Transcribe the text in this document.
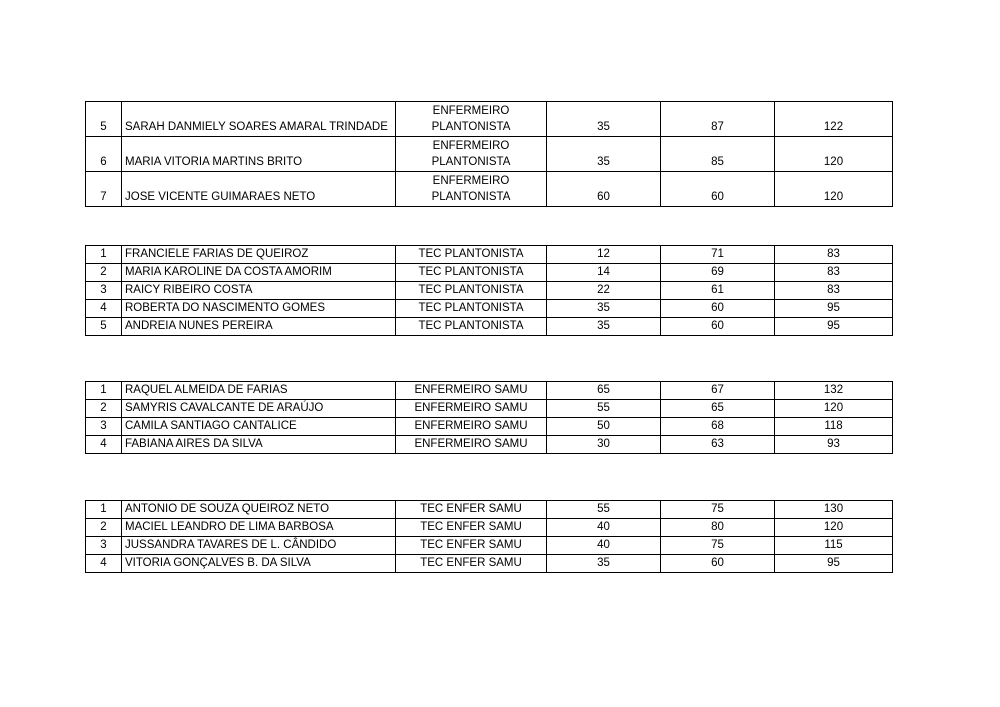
5	SARAH DANMIELY SOARES AMARAL TRINDADE	ENFERMEIRO
PLANTONISTA	35	87	122
6	MARIA VITORIA MARTINS BRITO	ENFERMEIRO
PLANTONISTA	35	85	120
7	JOSE VICENTE GUIMARAES NETO	ENFERMEIRO
PLANTONISTA	60	60	120
1	FRANCIELE FARIAS DE QUEIROZ	TEC PLANTONISTA	12	71	83
2	MARIA KAROLINE DA COSTA AMORIM	TEC PLANTONISTA	14	69	83
3	RAICY RIBEIRO COSTA	TEC PLANTONISTA	22	61	83
4	ROBERTA DO NASCIMENTO GOMES	TEC PLANTONISTA	35	60	95
5	ANDREIA NUNES PEREIRA	TEC PLANTONISTA	35	60	95
1	RAQUEL ALMEIDA DE FARIAS	ENFERMEIRO SAMU	65	67	132
2	SAMYRIS CAVALCANTE DE ARAÚJO	ENFERMEIRO SAMU	55	65	120
3	CAMILA SANTIAGO CANTALICE	ENFERMEIRO SAMU	50	68	118
4	FABIANA AIRES DA SILVA	ENFERMEIRO SAMU	30	63	93
1	ANTONIO DE SOUZA QUEIROZ NETO	TEC ENFER SAMU	55	75	130
2	MACIEL LEANDRO DE LIMA BARBOSA	TEC ENFER SAMU	40	80	120
3	JUSSANDRA TAVARES DE L. CÂNDIDO	TEC ENFER SAMU	40	75	115
4	VITORIA GONÇALVES B. DA SILVA	TEC ENFER SAMU	35	60	95
